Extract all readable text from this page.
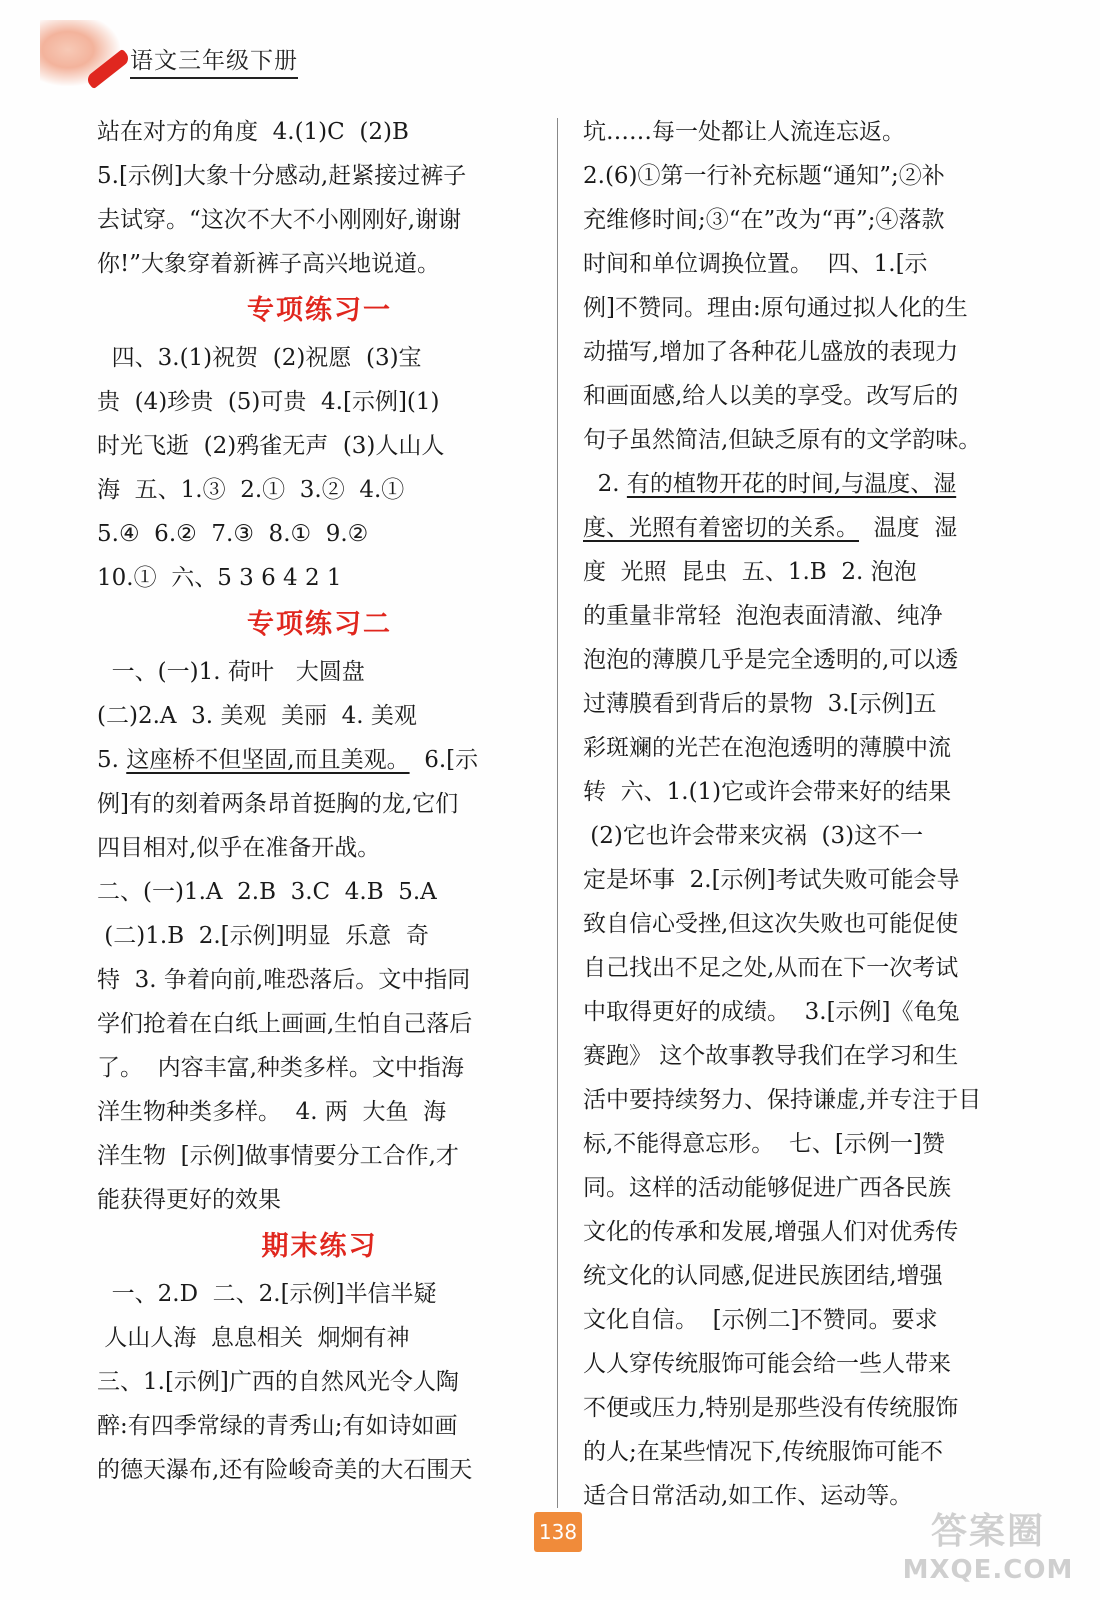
语文三年级下册
站在对方的角度  4.(1)C  (2)B
5.[示例]大象十分感动,赶紧接过裤子
去试穿。“这次不大不小刚刚好,谢谢
你!”大象穿着新裤子高兴地说道。
专项练习一
四、3.(1)祝贺  (2)祝愿  (3)宝
贵  (4)珍贵  (5)可贵  4.[示例](1)
时光飞逝  (2)鸦雀无声  (3)人山人
海  五、1.③  2.①  3.②  4.①
5.④  6.②  7.③  8.①  9.②
10.①  六、5 3 6 4 2 1
专项练习二
一、(一)1. 荷叶   大圆盘
(二)2.A  3. 美观  美丽  4. 美观
5. 这座桥不但坚固,而且美观。  6.[示
例]有的刻着两条昂首挺胸的龙,它们
四目相对,似乎在准备开战。
二、(一)1.A  2.B  3.C  4.B  5.A
(二)1.B  2.[示例]明显  乐意  奇
特  3. 争着向前,唯恐落后。文中指同
学们抢着在白纸上画画,生怕自己落后
了。  内容丰富,种类多样。文中指海
洋生物种类多样。  4. 两  大鱼  海
洋生物  [示例]做事情要分工合作,才
能获得更好的效果
期末练习
一、2.D  二、2.[示例]半信半疑
人山人海  息息相关  炯炯有神
三、1.[示例]广西的自然风光令人陶
醉:有四季常绿的青秀山;有如诗如画
的德天瀑布,还有险峻奇美的大石围天
坑……每一处都让人流连忘返。
2.(6)①第一行补充标题“通知”;②补
充维修时间;③“在”改为“再”;④落款
时间和单位调换位置。  四、1.[示
例]不赞同。理由:原句通过拟人化的生
动描写,增加了各种花儿盛放的表现力
和画面感,给人以美的享受。改写后的
句子虽然简洁,但缺乏原有的文学韵味。
2. 有的植物开花的时间,与温度、湿
度、光照有着密切的关系。  温度  湿
度  光照  昆虫  五、1.B  2. 泡泡
的重量非常轻  泡泡表面清澈、纯净
泡泡的薄膜几乎是完全透明的,可以透
过薄膜看到背后的景物  3.[示例]五
彩斑斓的光芒在泡泡透明的薄膜中流
转  六、1.(1)它或许会带来好的结果
(2)它也许会带来灾祸  (3)这不一
定是坏事  2.[示例]考试失败可能会导
致自信心受挫,但这次失败也可能促使
自己找出不足之处,从而在下一次考试
中取得更好的成绩。  3.[示例]《龟兔
赛跑》 这个故事教导我们在学习和生
活中要持续努力、保持谦虚,并专注于目
标,不能得意忘形。  七、[示例一]赞
同。这样的活动能够促进广西各民族
文化的传承和发展,增强人们对优秀传
统文化的认同感,促进民族团结,增强
文化自信。  [示例二]不赞同。要求
人人穿传统服饰可能会给一些人带来
不便或压力,特别是那些没有传统服饰
的人;在某些情况下,传统服饰可能不
适合日常活动,如工作、运动等。
138	答案圈
MXQE.COM
